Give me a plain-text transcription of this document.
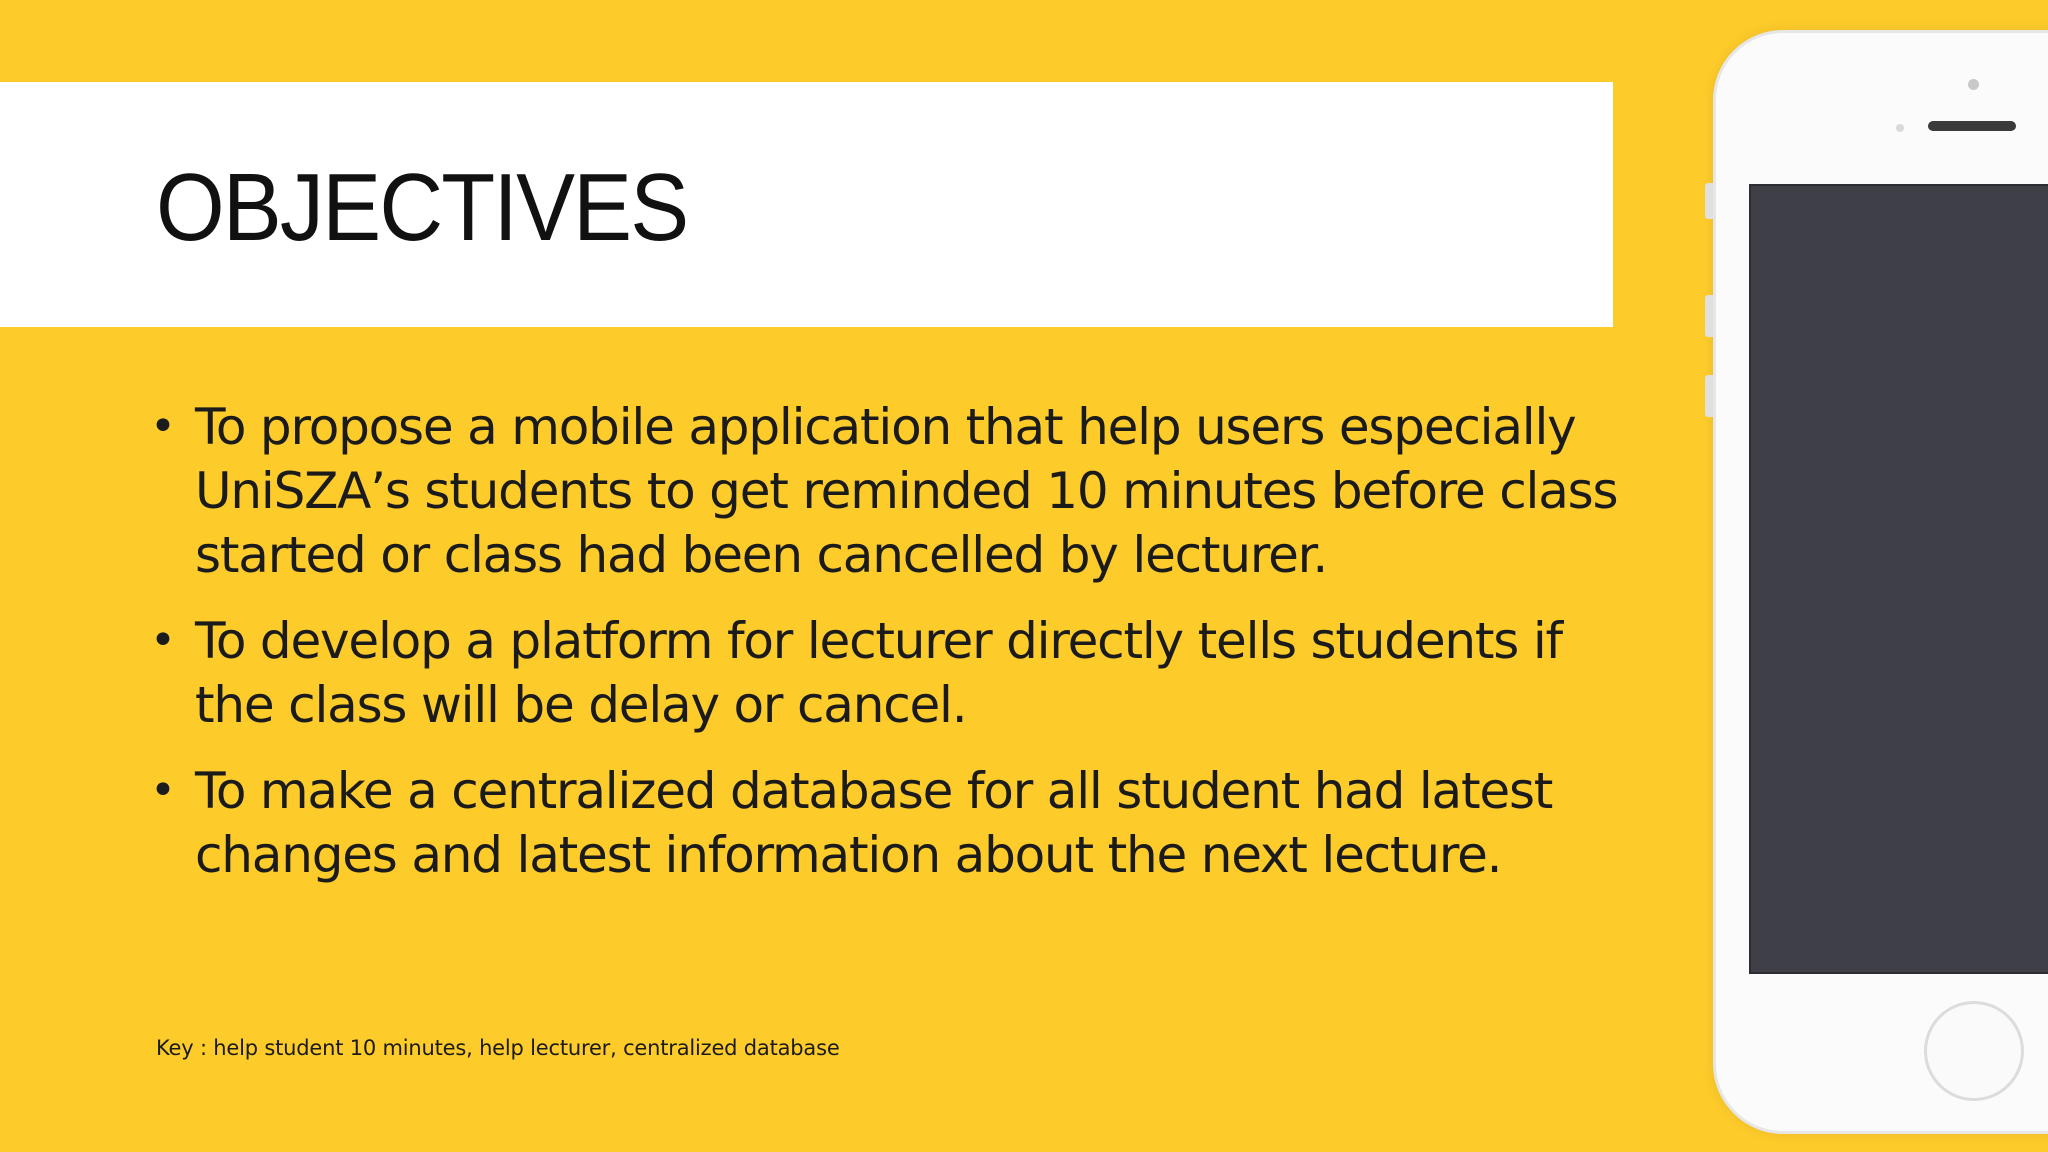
OBJECTIVES
• To propose a mobile application that help users especially UniSZA’s students to get reminded 10 minutes before class started or class had been cancelled by lecturer.
• To develop a platform for lecturer directly tells students if the class will be delay or cancel.
• To make a centralized database for all student had latest changes and latest information about the next lecture.
Key : help student 10 minutes, help lecturer, centralized database
